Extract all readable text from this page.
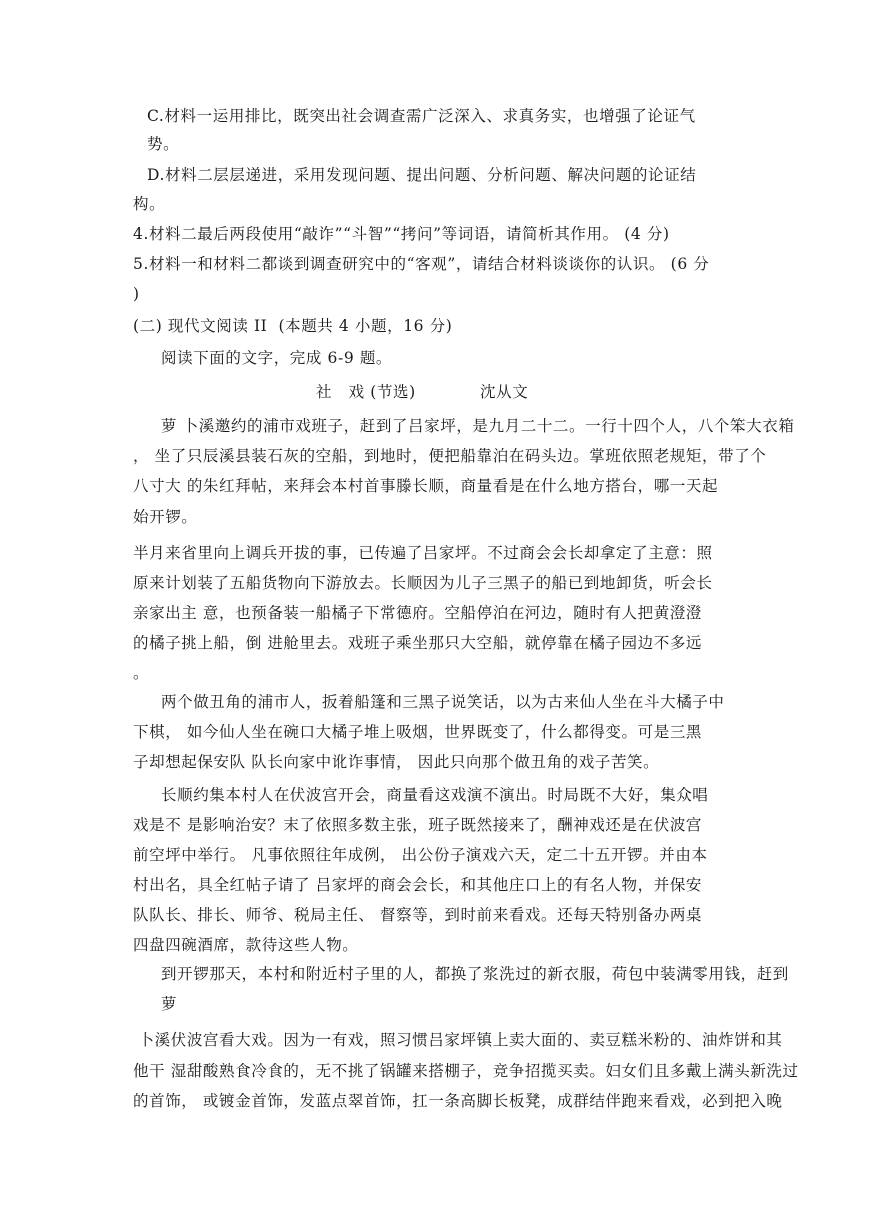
C.材料一运用排比，既突出社会调查需广泛深入、求真务实，也增强了论证气
势。
D.材料二层层递进，采用发现问题、提出问题、分析问题、解决问题的论证结
构。
4.材料二最后两段使用“敲诈”“斗智”“拷问”等词语，请简析其作用。 (4 分)
5.材料一和材料二都谈到调查研究中的“客观”，请结合材料谈谈你的认识。 (6 分
)
(二) 现代文阅读 II  (本题共 4 小题，16 分)
阅读下面的文字，完成 6-9 题。
社   戏 (节选)	沈从文
萝 卜溪邀约的浦市戏班子，赶到了吕家坪，是九月二十二。一行十四个人，八个笨大衣箱
， 坐了只辰溪县装石灰的空船，到地时，便把船靠泊在码头边。掌班依照老规矩，带了个
八寸大 的朱红拜帖，来拜会本村首事滕长顺，商量看是在什么地方搭台，哪一天起
始开锣。
半月来省里向上调兵开拔的事，已传遍了吕家坪。不过商会会长却拿定了主意：照
原来计划装了五船货物向下游放去。长顺因为儿子三黑子的船已到地卸货，听会长
亲家出主 意，也预备装一船橘子下常德府。空船停泊在河边，随时有人把黄澄澄
的橘子挑上船，倒 进舱里去。戏班子乘坐那只大空船，就停靠在橘子园边不多远
。
两个做丑角的浦市人，扳着船篷和三黑子说笑话，以为古来仙人坐在斗大橘子中
下棋， 如今仙人坐在碗口大橘子堆上吸烟，世界既变了，什么都得变。可是三黑
子却想起保安队 队长向家中讹诈事情， 因此只向那个做丑角的戏子苦笑。
长顺约集本村人在伏波宫开会，商量看这戏演不演出。时局既不大好，集众唱
戏是不 是影响治安？末了依照多数主张，班子既然接来了，酬神戏还是在伏波宫
前空坪中举行。 凡事依照往年成例， 出公份子演戏六天，定二十五开锣。并由本
村出名，具全红帖子请了 吕家坪的商会会长，和其他庄口上的有名人物，并保安
队队长、排长、师爷、税局主任、 督察等，到时前来看戏。还每天特别备办两桌
四盘四碗酒席，款待这些人物。
到开锣那天，本村和附近村子里的人，都换了浆洗过的新衣服，荷包中装满零用钱，赶到
萝
卜溪伏波宫看大戏。因为一有戏，照习惯吕家坪镇上卖大面的、卖豆糕米粉的、油炸饼和其
他干 湿甜酸熟食冷食的，无不挑了锅罐来搭棚子，竞争招揽买卖。妇女们且多戴上满头新洗过
的首饰， 或镀金首饰，发蓝点翠首饰，扛一条高脚长板凳，成群结伴跑来看戏，必到把入晚
